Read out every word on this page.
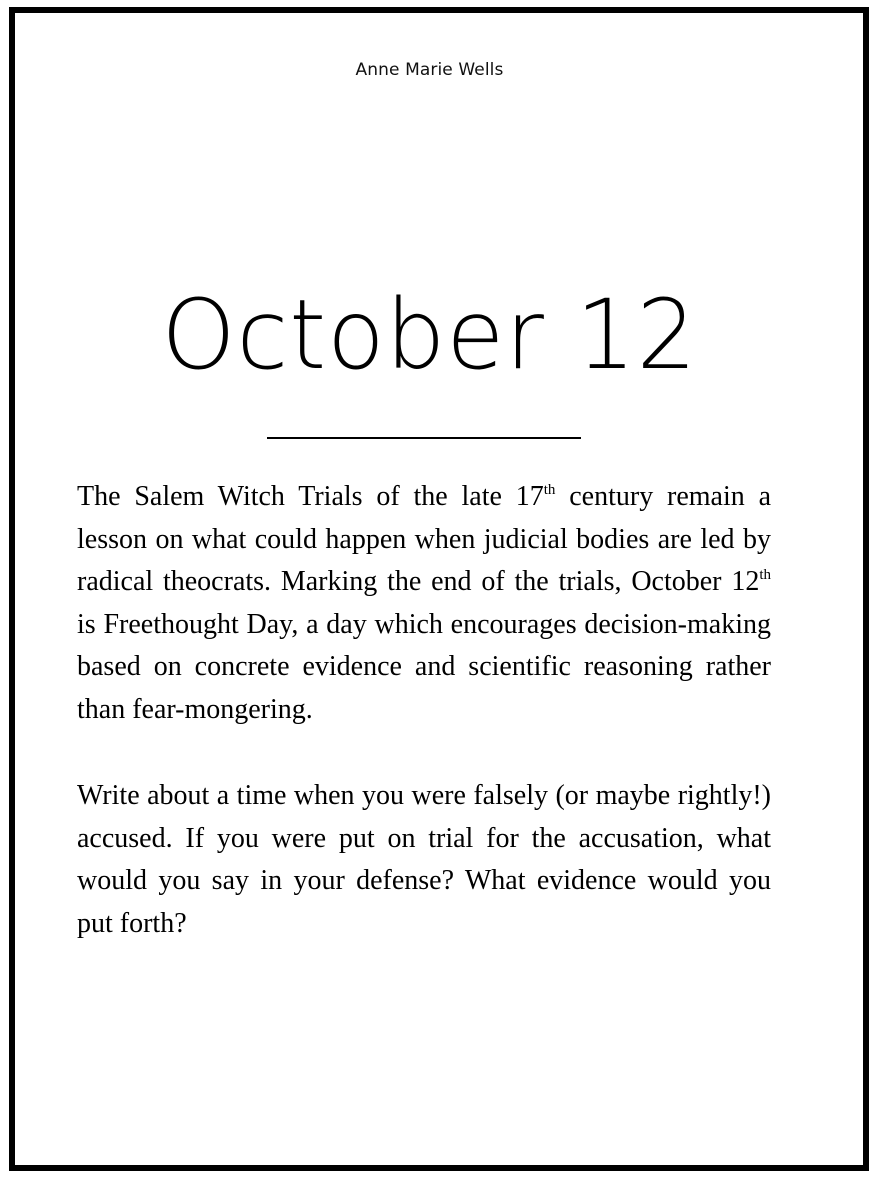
Anne Marie Wells
October 12

The Salem Witch Trials of the late 17th century remain a lesson on what could happen when judicial bodies are led by radical theocrats. Marking the end of the trials, October 12th is Freethought Day, a day which encourages decision-making based on concrete evidence and scientific reasoning rather than fear-mongering.

Write about a time when you were falsely (or maybe rightly!) accused. If you were put on trial for the accusation, what would you say in your defense? What evidence would you put forth?
